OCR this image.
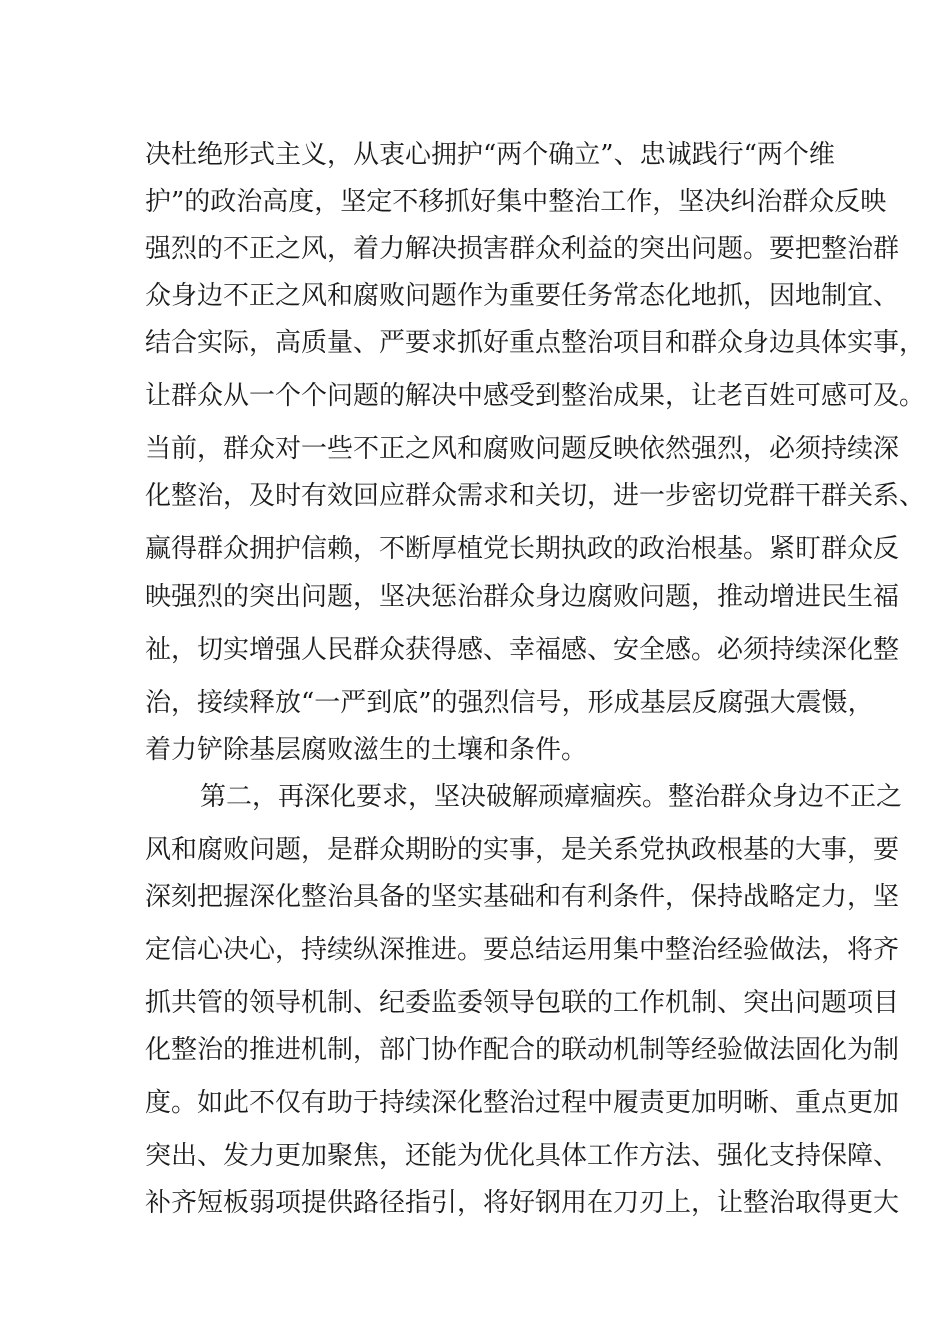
决杜绝形式主义，从衷心拥护“两个确立”、忠诚践行“两个维
护”的政治高度，坚定不移抓好集中整治工作，坚决纠治群众反映
强烈的不正之风，着力解决损害群众利益的突出问题。要把整治群
众身边不正之风和腐败问题作为重要任务常态化地抓，因地制宜、
结合实际，高质量、严要求抓好重点整治项目和群众身边具体实事，
让群众从一个个问题的解决中感受到整治成果，让老百姓可感可及。
当前，群众对一些不正之风和腐败问题反映依然强烈，必须持续深
化整治，及时有效回应群众需求和关切，进一步密切党群干群关系、
赢得群众拥护信赖，不断厚植党长期执政的政治根基。紧盯群众反
映强烈的突出问题，坚决惩治群众身边腐败问题，推动增进民生福
祉，切实增强人民群众获得感、幸福感、安全感。必须持续深化整
治，接续释放“一严到底”的强烈信号，形成基层反腐强大震慑，
着力铲除基层腐败滋生的土壤和条件。
第二，再深化要求，坚决破解顽瘴痼疾。整治群众身边不正之
风和腐败问题，是群众期盼的实事，是关系党执政根基的大事，要
深刻把握深化整治具备的坚实基础和有利条件，保持战略定力，坚
定信心决心，持续纵深推进。要总结运用集中整治经验做法，将齐
抓共管的领导机制、纪委监委领导包联的工作机制、突出问题项目
化整治的推进机制，部门协作配合的联动机制等经验做法固化为制
度。如此不仅有助于持续深化整治过程中履责更加明晰、重点更加
突出、发力更加聚焦，还能为优化具体工作方法、强化支持保障、
补齐短板弱项提供路径指引，将好钢用在刀刃上，让整治取得更大
